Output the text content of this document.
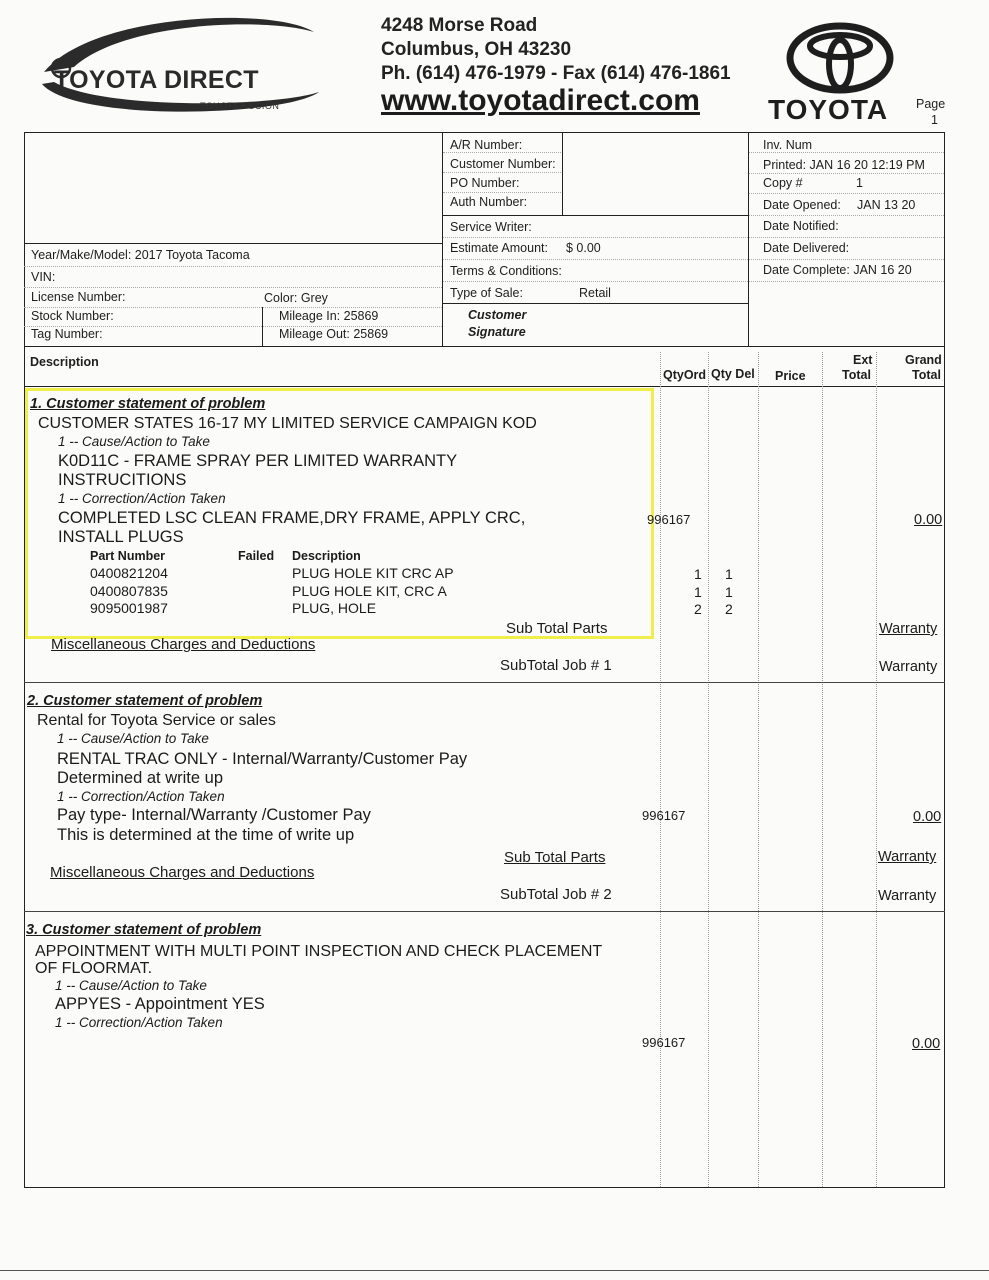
TOYOTA DIRECT
TOYOTA • SCION
4248 Morse Road
Columbus, OH 43230
Ph. (614) 476-1979 - Fax (614) 476-1861
www.toyotadirect.com TOYOTA Page
1
Year/Make/Model: 2017 Toyota Tacoma
VIN:
License Number:	Color: Grey
Stock Number:	Mileage In: 25869
Tag Number:	Mileage Out: 25869
A/R Number:
Customer Number:
PO Number:
Auth Number:
Service Writer:
Estimate Amount: $ 0.00
Terms & Conditions:
Type of Sale:	Retail
Customer
Signature
Inv. Num
Printed: JAN 16 20 12:19 PM
Copy #	1
Date Opened: JAN 13 20
Date Notified:
Date Delivered:
Date Complete: JAN 16 20
Description
QtyOrd Qty Del Price
Ext
Total
Grand
Total
1. Customer statement of problem
CUSTOMER STATES 16-17 MY LIMITED SERVICE CAMPAIGN KOD
1 -- Cause/Action to Take
K0D11C - FRAME SPRAY PER LIMITED WARRANTY
INSTRUCITIONS
1 -- Correction/Action Taken
COMPLETED LSC CLEAN FRAME,DRY FRAME, APPLY CRC,
INSTALL PLUGS
996167	0.00
Part Number	Failed Description
0400821204	PLUG HOLE KIT CRC AP	1 1
0400807835	PLUG HOLE KIT, CRC A	1 1
9095001987	PLUG, HOLE	2 2
Sub Total Parts	Warranty
Miscellaneous Charges and Deductions
SubTotal Job # 1	Warranty
2. Customer statement of problem
Rental for Toyota Service or sales
1 -- Cause/Action to Take
RENTAL TRAC ONLY - Internal/Warranty/Customer Pay
Determined at write up
1 -- Correction/Action Taken
Pay type- Internal/Warranty /Customer Pay
This is determined at the time of write up
996167	0.00
Sub Total Parts	Warranty
Miscellaneous Charges and Deductions
SubTotal Job # 2	Warranty
3. Customer statement of problem
APPOINTMENT WITH MULTI POINT INSPECTION AND CHECK PLACEMENT
OF FLOORMAT.
1 -- Cause/Action to Take
APPYES - Appointment YES
1 -- Correction/Action Taken
996167	0.00
